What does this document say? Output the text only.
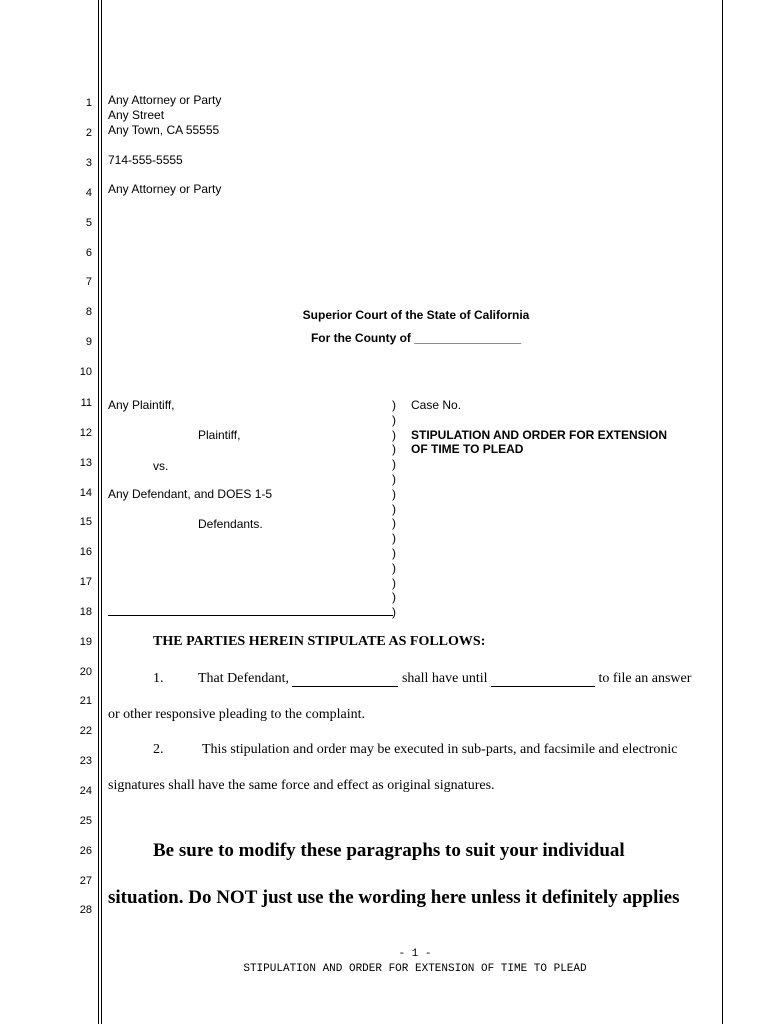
1
2
3
4
5
6
7
8
9
10
11
12
13
14
15
16
17
18
19
20
21
22
23
24
25
26
27
28
Any Attorney or Party
Any Street
Any Town, CA 55555
714-555-5555
Any Attorney or Party
Superior Court of the State of California
For the County of ________________
Any Plaintiff,
Plaintiff,
vs.
Any Defendant, and DOES 1-5
Defendants.
)
)
)
)
)
)
)
)
)
)
)
)
)
)
)
Case No.
STIPULATION AND ORDER FOR EXTENSION
OF TIME TO PLEAD
THE PARTIES HEREIN STIPULATE AS FOLLOWS:
1. That Defendant,	shall have until	to file an answer
or other responsive pleading to the complaint.
2.	This stipulation and order may be executed in sub-parts, and facsimile and electronic
signatures shall have the same force and effect as original signatures.
Be sure to modify these paragraphs to suit your individual
situation. Do NOT just use the wording here unless it definitely applies
- 1 -
STIPULATION AND ORDER FOR EXTENSION OF TIME TO PLEAD
